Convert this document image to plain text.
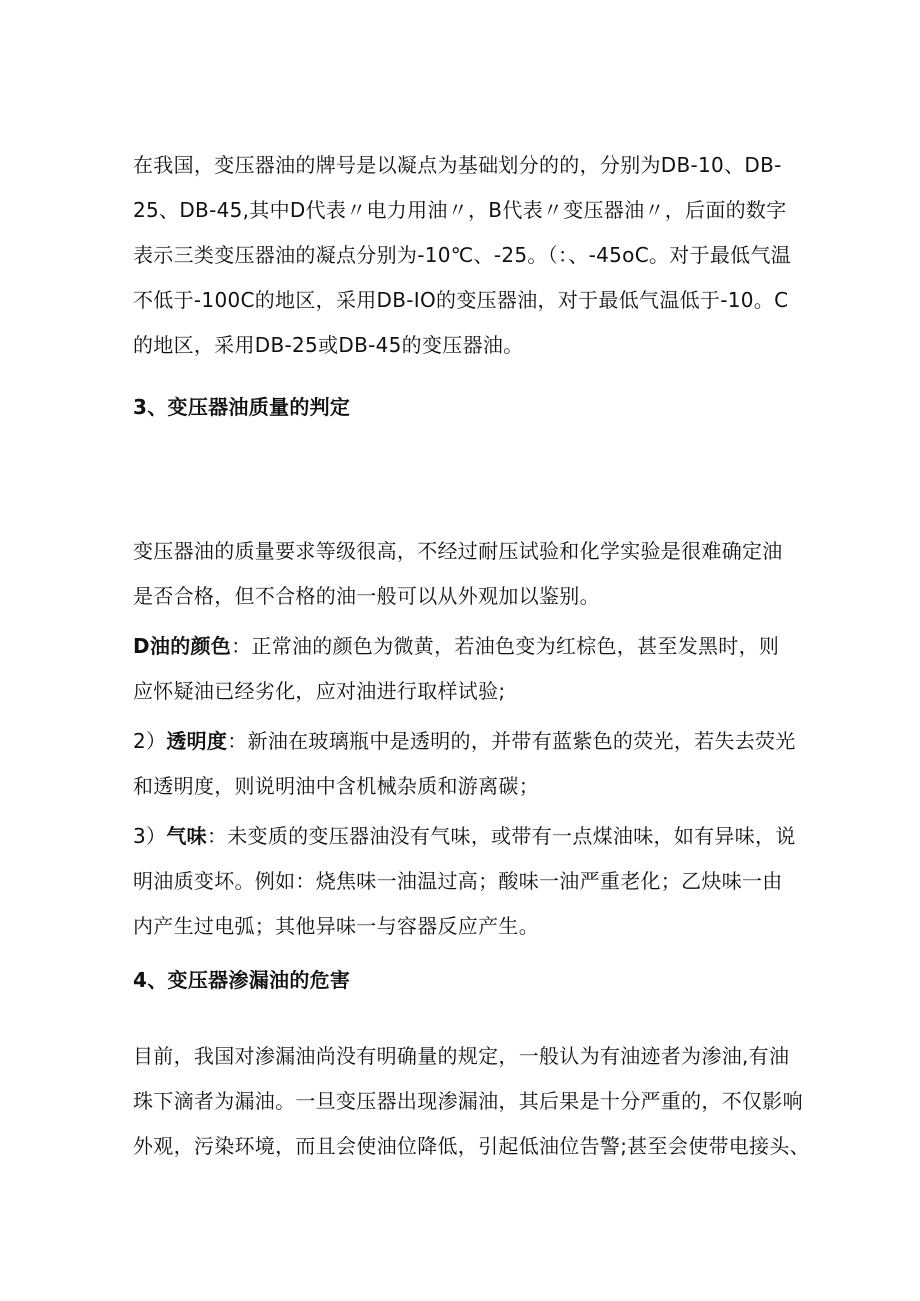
在我国，变压器油的牌号是以凝点为基础划分的的，分别为DB-10、DB-
25、DB-45,其中D代表〃电力用油〃，B代表〃变压器油〃，后面的数字
表示三类变压器油的凝点分别为-10℃、-25。（：、-45oC。对于最低气温
不低于-100C的地区，采用DB-IO的变压器油，对于最低气温低于-10。C
的地区，采用DB-25或DB-45的变压器油。
3、变压器油质量的判定
变压器油的质量要求等级很高，不经过耐压试验和化学实验是很难确定油
是否合格，但不合格的油一般可以从外观加以鉴别。
D油的颜色：正常油的颜色为微黄，若油色变为红棕色，甚至发黑时，则
应怀疑油已经劣化，应对油进行取样试验;
2）透明度：新油在玻璃瓶中是透明的，并带有蓝紫色的荧光，若失去荧光
和透明度，则说明油中含机械杂质和游离碳；
3）气味：未变质的变压器油没有气味，或带有一点煤油味，如有异味，说
明油质变坏。例如：烧焦味一油温过高；酸味一油严重老化；乙炔味一由
内产生过电弧；其他异味一与容器反应产生。
4、变压器渗漏油的危害
目前，我国对渗漏油尚没有明确量的规定，一般认为有油迹者为渗油,有油
珠下滴者为漏油。一旦变压器出现渗漏油，其后果是十分严重的，不仅影响
外观，污染环境，而且会使油位降低，引起低油位告警;甚至会使带电接头、
